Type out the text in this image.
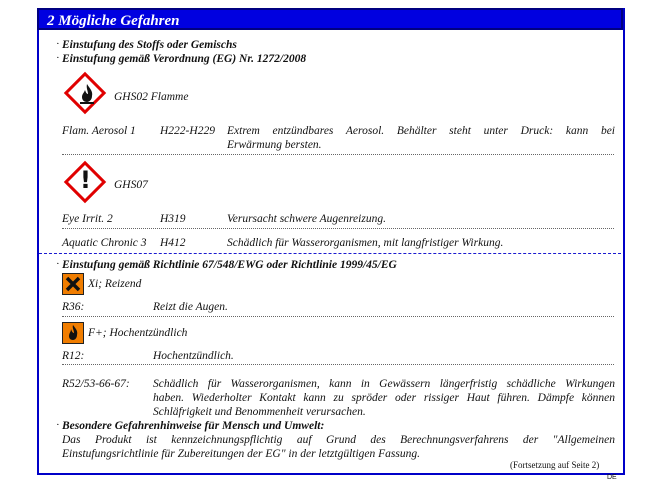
2 Mögliche Gefahren
· Einstufung des Stoffs oder Gemischs
· Einstufung gemäß Verordnung (EG) Nr. 1272/2008
GHS02 Flamme
Flam. Aerosol 1 H222-H229 Extrem entzündbares Aerosol. Behälter steht unter Druck: kann bei
Erwärmung bersten.
! GHS07
Eye Irrit. 2	H319	Verursacht schwere Augenreizung.
Aquatic Chronic 3 H412	Schädlich für Wasserorganismen, mit langfristiger Wirkung.
· Einstufung gemäß Richtlinie 67/548/EWG oder Richtlinie 1999/45/EG
Xi; Reizend
R36:	Reizt die Augen.
F+; Hochentzündlich
R12:	Hochentzündlich.
R52/53-66-67: Schädlich für Wasserorganismen, kann in Gewässern längerfristig schädliche Wirkungen
haben. Wiederholter Kontakt kann zu spröder oder rissiger Haut führen. Dämpfe können
Schläfrigkeit und Benommenheit verursachen.
· Besondere Gefahrenhinweise für Mensch und Umwelt:
Das Produkt ist kennzeichnungspflichtig auf Grund des Berechnungsverfahrens der "Allgemeinen
Einstufungsrichtlinie für Zubereitungen der EG" in der letztgültigen Fassung.
(Fortsetzung auf Seite 2)
DE
